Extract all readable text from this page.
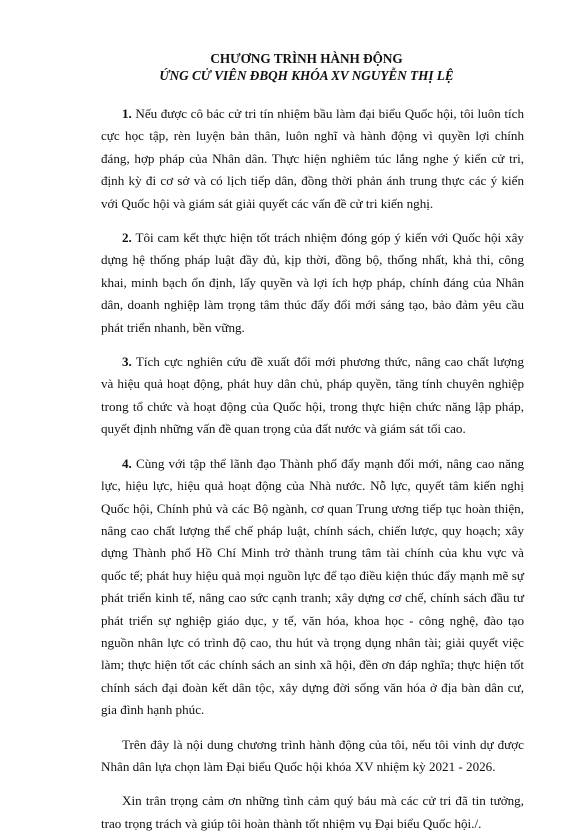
CHƯƠNG TRÌNH HÀNH ĐỘNG
ỨNG CỬ VIÊN ĐBQH KHÓA XV NGUYỄN THỊ LỆ

1. Nếu được cô bác cử tri tín nhiệm bầu làm đại biểu Quốc hội, tôi luôn tích cực học tập, rèn luyện bản thân, luôn nghĩ và hành động vì quyền lợi chính đáng, hợp pháp của Nhân dân. Thực hiện nghiêm túc lắng nghe ý kiến cử tri, định kỳ đi cơ sở và có lịch tiếp dân, đồng thời phản ánh trung thực các ý kiến với Quốc hội và giám sát giải quyết các vấn đề cử tri kiến nghị.

2. Tôi cam kết thực hiện tốt trách nhiệm đóng góp ý kiến với Quốc hội xây dựng hệ thống pháp luật đầy đủ, kịp thời, đồng bộ, thống nhất, khả thi, công khai, minh bạch ổn định, lấy quyền và lợi ích hợp pháp, chính đáng của Nhân dân, doanh nghiệp làm trọng tâm thúc đẩy đổi mới sáng tạo, bảo đảm yêu cầu phát triển nhanh, bền vững.

3. Tích cực nghiên cứu đề xuất đổi mới phương thức, nâng cao chất lượng và hiệu quả hoạt động, phát huy dân chủ, pháp quyền, tăng tính chuyên nghiệp trong tổ chức và hoạt động của Quốc hội, trong thực hiện chức năng lập pháp, quyết định những vấn đề quan trọng của đất nước và giám sát tối cao.

4. Cùng với tập thể lãnh đạo Thành phố đẩy mạnh đổi mới, nâng cao năng lực, hiệu lực, hiệu quả hoạt động của Nhà nước. Nỗ lực, quyết tâm kiến nghị Quốc hội, Chính phủ và các Bộ ngành, cơ quan Trung ương tiếp tục hoàn thiện, nâng cao chất lượng thể chế pháp luật, chính sách, chiến lược, quy hoạch; xây dựng Thành phố Hồ Chí Minh trở thành trung tâm tài chính của khu vực và quốc tế; phát huy hiệu quả mọi nguồn lực để tạo điều kiện thúc đẩy mạnh mẽ sự phát triển kinh tế, nâng cao sức cạnh tranh; xây dựng cơ chế, chính sách đầu tư phát triển sự nghiệp giáo dục, y tế, văn hóa, khoa học - công nghệ, đào tạo nguồn nhân lực có trình độ cao, thu hút và trọng dụng nhân tài; giải quyết việc làm; thực hiện tốt các chính sách an sinh xã hội, đền ơn đáp nghĩa; thực hiện tốt chính sách đại đoàn kết dân tộc, xây dựng đời sống văn hóa ở địa bàn dân cư, gia đình hạnh phúc.

Trên đây là nội dung chương trình hành động của tôi, nếu tôi vinh dự được Nhân dân lựa chọn làm Đại biểu Quốc hội khóa XV nhiệm kỳ 2021 - 2026.

Xin trân trọng cảm ơn những tình cảm quý báu mà các cử tri đã tin tưởng, trao trọng trách và giúp tôi hoàn thành tốt nhiệm vụ Đại biểu Quốc hội./.
